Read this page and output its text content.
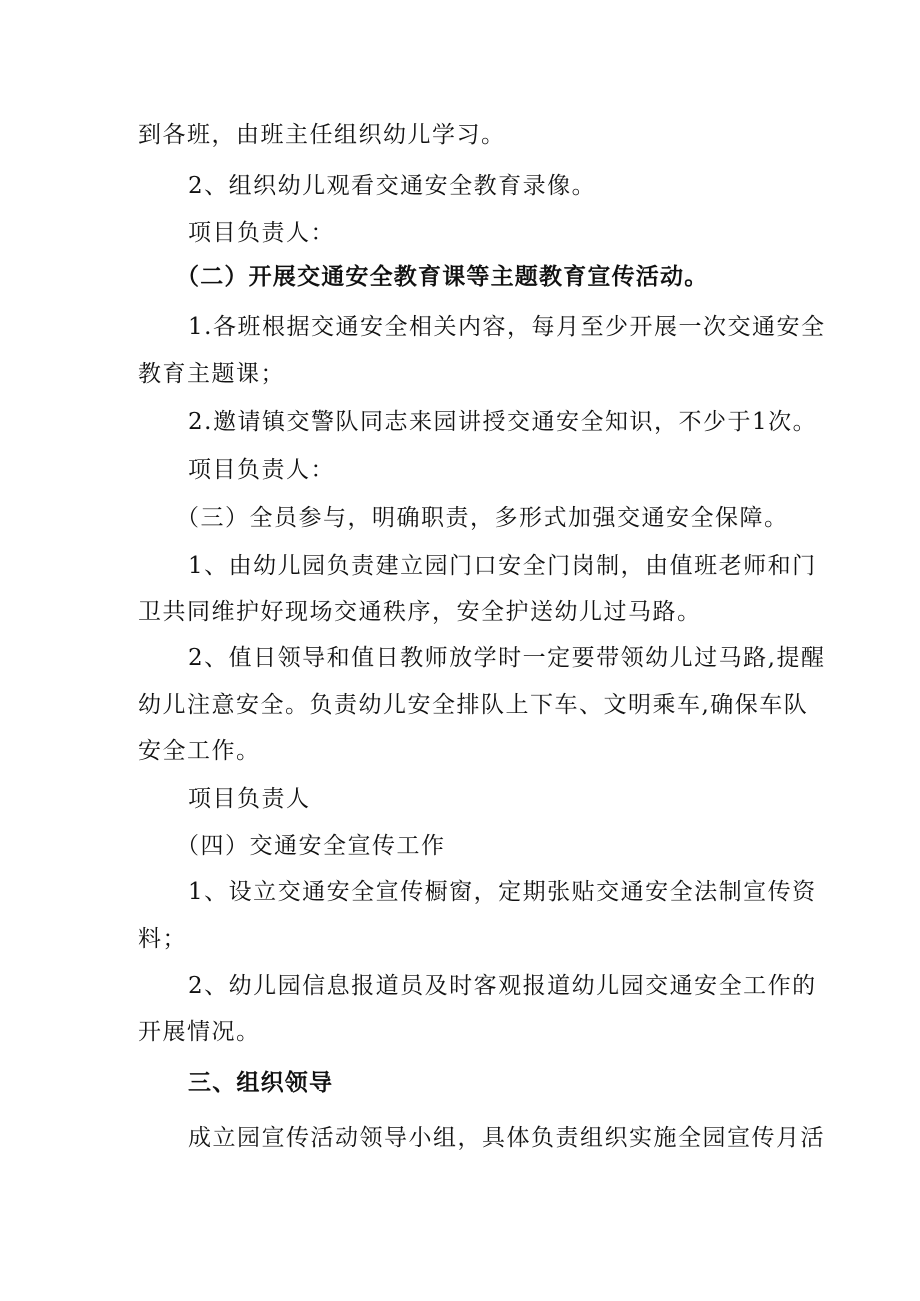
到各班，由班主任组织幼儿学习。
2、组织幼儿观看交通安全教育录像。
项目负责人：
（二）开展交通安全教育课等主题教育宣传活动。
1.各班根据交通安全相关内容，每月至少开展一次交通安全
教育主题课；
2.邀请镇交警队同志来园讲授交通安全知识，不少于1次。
项目负责人：
（三）全员参与，明确职责，多形式加强交通安全保障。
1、由幼儿园负责建立园门口安全门岗制，由值班老师和门
卫共同维护好现场交通秩序，安全护送幼儿过马路。
2、值日领导和值日教师放学时一定要带领幼儿过马路,提醒
幼儿注意安全。负责幼儿安全排队上下车、文明乘车,确保车队
安全工作。
项目负责人
（四）交通安全宣传工作
1、设立交通安全宣传橱窗，定期张贴交通安全法制宣传资
料；
2、幼儿园信息报道员及时客观报道幼儿园交通安全工作的
开展情况。
三、组织领导
成立园宣传活动领导小组，具体负责组织实施全园宣传月活
